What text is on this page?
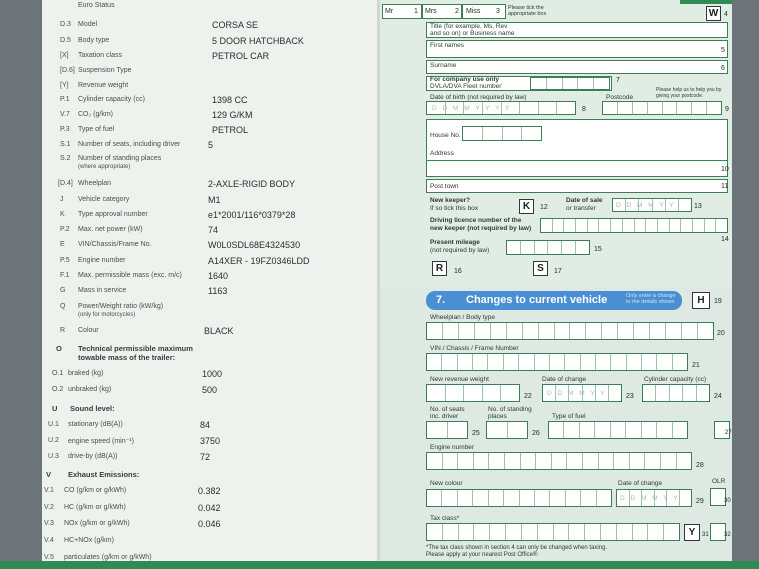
Euro Status
D.3 Model	CORSA SE
D.5 Body type	5 DOOR HATCHBACK
[X] Taxation class	PETROL CAR
[D.6] Suspension Type
[Y] Revenue weight
P.1 Cylinder capacity (cc)	1398 CC
V.7 CO₂ (g/km)	129 G/KM
P.3 Type of fuel	PETROL
S.1 Number of seats, including driver	5
S.2 Number of standing places
(where appropriate)
[D.4] Wheelplan	2-AXLE-RIGID BODY
J Vehicle category	M1
K Type approval number	e1*2001/116*0379*28
P.2 Max. net power (kW)	74
E VIN/Chassis/Frame No.	W0L0SDL68E4324530
P.5 Engine number	A14XER - 19FZ0346LDD
F.1 Max. permissible mass (exc. m/c)	1640
G Mass in service	1163
Q Power/Weight ratio (kW/kg)
(only for motorcycles)
R Colour	BLACK
O Technical permissible maximum
towable mass of the trailer:
O.1 braked (kg)	1000
O.2 unbraked (kg)	500
U Sound level:
U.1 stationary (dB(A))	84
U.2 engine speed (min⁻¹)	3750
U.3 drive-by (dB(A))	72
V Exhaust Emissions:
V.1 CO (g/km or g/kWh)	0.382
V.2 HC (g/km or g/kWh)	0.042
V.3 NOx (g/km or g/kWh)	0.046
V.4 HC+NOx (g/km)
V.5 particulates (g/km or g/kWh)
Mr	1 Mrs	2 Miss 3 Please tick the appropriate box	W 4
Title (for example, Ms, Rev
and so on) or Business name
First names
5
Surname	6
For company use only
DVLA/DVA Fleet number
7
Date of birth (not required by law)
D D M M Y Y Y Y	8
Postcode
Please help us to help you by giving your postcode.
9
House No.
Address
10
Post town	11
New keeper?
If so tick this box	K	12
Date of sale
or transfer	D D M M Y Y	13
Driving licence number of the
new keeper (not required by law)
14
Present mileage
(not required by law)	15
R	16	S	17
7. Changes to current vehicle	Only enter a change to the details shown	H	19
Wheelplan / Body type
20
VIN / Chassis / Frame Number
21
New revenue weight
22
Date of change
D D M M Y Y	23
Cylinder capacity (cc)
24
No. of seats
inc. driver
25
No. of standing
places
26
Type of fuel
27
Engine number
28
New colour	Date of change
D D M M Y Y 29
OLR
30
Tax class*
Y	31	32
*The tax class shown in section 4 can only be changed when taxing.
Please apply at your nearest Post Office®
